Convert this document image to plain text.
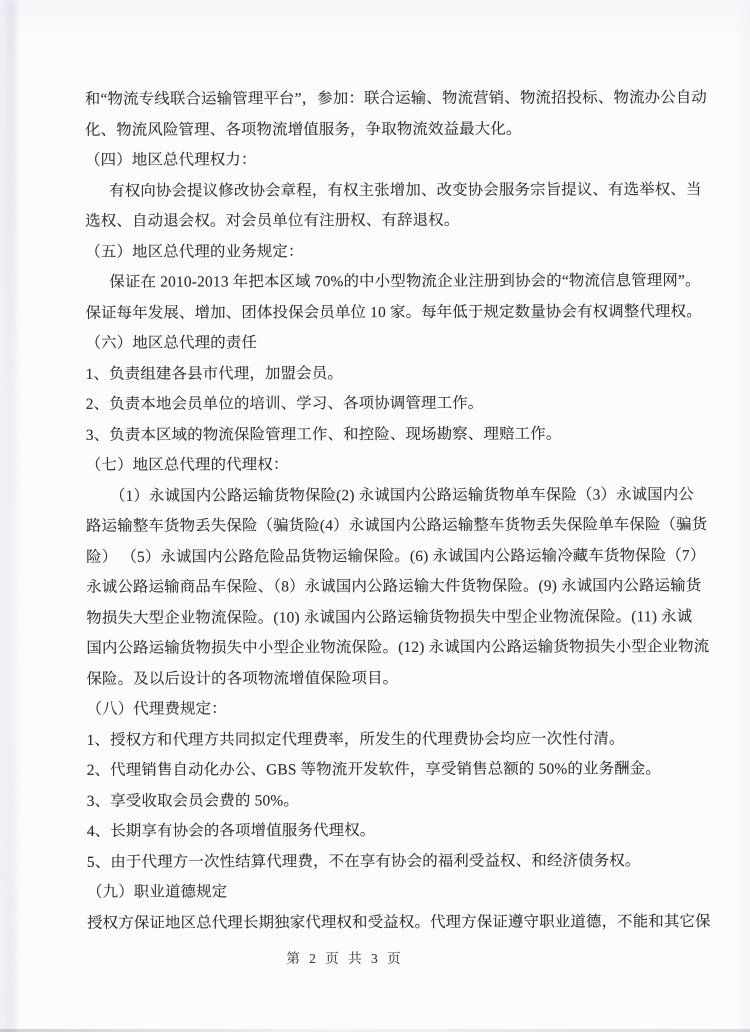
和“物流专线联合运输管理平台”，参加：联合运输、物流营销、物流招投标、物流办公自动
化、物流风险管理、各项物流增值服务，争取物流效益最大化。
（四）地区总代理权力：
有权向协会提议修改协会章程，有权主张增加、改变协会服务宗旨提议、有选举权、当
选权、自动退会权。对会员单位有注册权、有辞退权。
（五）地区总代理的业务规定：
保证在 2010-2013 年把本区域 70%的中小型物流企业注册到协会的“物流信息管理网”。
保证每年发展、增加、团体投保会员单位 10 家。每年低于规定数量协会有权调整代理权。
（六）地区总代理的责任
1、负责组建各县市代理，加盟会员。
2、负责本地会员单位的培训、学习、各项协调管理工作。
3、负责本区域的物流保险管理工作、和控险、现场勘察、理赔工作。
（七）地区总代理的代理权：
（1）永诚国内公路运输货物保险(2) 永诚国内公路运输货物单车保险（3）永诚国内公
路运输整车货物丢失保险（骗货险(4）永诚国内公路运输整车货物丢失保险单车保险（骗货
险） （5）永诚国内公路危险品货物运输保险。(6) 永诚国内公路运输冷藏车货物保险（7）
永诚公路运输商品车保险、（8）永诚国内公路运输大件货物保险。(9) 永诚国内公路运输货
物损失大型企业物流保险。(10) 永诚国内公路运输货物损失中型企业物流保险。(11) 永诚
国内公路运输货物损失中小型企业物流保险。(12) 永诚国内公路运输货物损失小型企业物流
保险。及以后设计的各项物流增值保险项目。
（八）代理费规定：
1、授权方和代理方共同拟定代理费率，所发生的代理费协会均应一次性付清。
2、代理销售自动化办公、GBS 等物流开发软件，享受销售总额的 50%的业务酬金。
3、享受收取会员会费的 50%。
4、长期享有协会的各项增值服务代理权。
5、由于代理方一次性结算代理费，不在享有协会的福利受益权、和经济债务权。
（九）职业道德规定
授权方保证地区总代理长期独家代理权和受益权。代理方保证遵守职业道德，不能和其它保
第 2 页 共 3 页
